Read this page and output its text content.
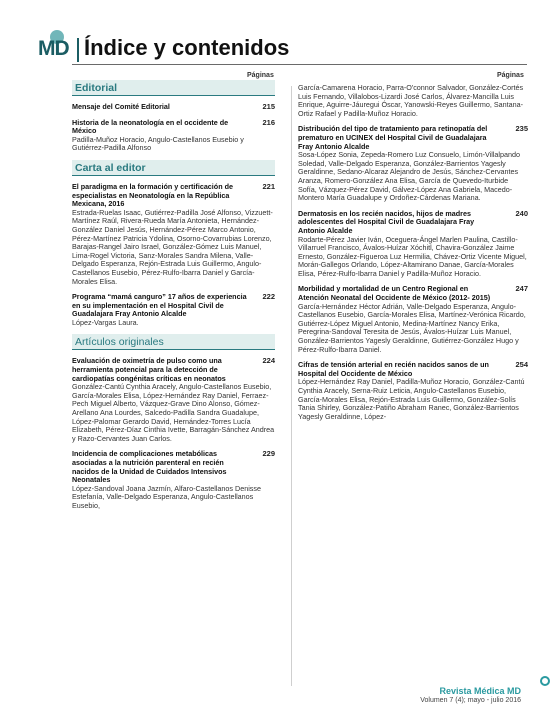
MD Índice y contenidos
Páginas	Páginas
Editorial
Mensaje del Comité Editorial	215
Historia de la neonatología en el occidente de México
Padilla-Muñoz Horacio, Angulo-Castellanos Eusebio y Gutiérrez-Padilla Alfonso
216
Carta al editor
El paradigma en la formación y certificación de especialistas en Neonatología en la República Mexicana, 2016
Estrada-Ruelas Isaac, Gutiérrez-Padilla José Alfonso, Vizzuett-Martínez Raúl, Rivera-Rueda María Antonieta, Hernández-González Daniel Jesús, Hernández-Pérez Marco Antonio, Pérez-Martínez Patricia Ydolina, Osorno-Covarrubias Lorenzo, Barajas-Rangel Jairo Israel, González-Gómez Luis Manuel, Lima-Rogel Victoria, Sanz-Morales Sandra Milena, Valle-Delgado Esperanza, Rejón-Estrada Luis Guillermo, Angulo-Castellanos Eusebio, Pérez-Rulfo-Ibarra Daniel y García-Morales Elisa.
221
Programa “mamá canguro” 17 años de experiencia en su implementación en el Hospital Civil de Guadalajara Fray Antonio Alcalde
López-Vargas Laura.
222
Artículos originales
Evaluación de oximetría de pulso como una herramienta potencial para la detección de cardiopatías congénitas críticas en neonatos
González-Cantú Cynthia Aracely, Angulo-Castellanos Eusebio, García-Morales Elisa, López-Hernández Ray Daniel, Ferraez-Pech Miguel Alberto, Vázquez-Grave Dino Alonso, Gómez-Arellano Ana Lourdes, Salcedo-Padilla Sandra Guadalupe, López-Palomar Gerardo David, Hernández-Torres Lucía Elizabeth, Pérez-Díaz Cinthia Ivette, Barragán-Sánchez Andrea y Razo-Cervantes Juan Carlos.
224
Incidencia de complicaciones metabólicas asociadas a la nutrición parenteral en recién nacidos de la Unidad de Cuidados Intensivos Neonatales
López-Sandoval Joana Jazmín, Alfaro-Castellanos Denisse Estefanía, Valle-Delgado Esperanza, Angulo-Castellanos Eusebio,
229
García-Camarena Horacio, Parra-O'connor Salvador, González-Cortés Luis Fernando, Villalobos-Lizardi José Carlos, Álvarez-Mancilla Luis Enrique, Aguirre-Jáuregui Óscar, Yanowski-Reyes Guillermo, Santana-Ortiz Rafael y Padilla-Muñoz Horacio.
Distribución del tipo de tratamiento para retinopatía del prematuro en UCINEX del Hospital Civil de Guadalajara Fray Antonio Alcalde
Sosa-López Sonia, Zepeda-Romero Luz Consuelo, Limón-Villalpando Soledad, Valle-Delgado Esperanza, González-Barrientos Yagesly Geraldinne, Sedano-Alcaraz Alejandro de Jesús, Sánchez-Cervantes Aranza, Romero-González Ana Elisa, García de Quevedo-Iturbide Sofía, Vázquez-Pérez David, Gálvez-López Ana Gabriela, Macedo-Montero María Guadalupe y Ordoñez-Cárdenas Mariana.
235
Dermatosis en los recién nacidos, hijos de madres adolescentes del Hospital Civil de Guadalajara Fray Antonio Alcalde
Rodarte-Pérez Javier Iván, Oceguera-Ángel Marlen Paulina, Castillo-Villarruel Francisco, Ávalos-Huízar Xóchitl, Chavira-González Jaime Ernesto, González-Figueroa Luz Hermilia, Chávez-Ortiz Vicente Miguel, Morán-Gallegos Orlando, López-Altamirano Danae, García-Morales Elisa, Pérez-Rulfo-Ibarra Daniel y Padilla-Muñoz Horacio.
240
Morbilidad y mortalidad de un Centro Regional en Atención Neonatal del Occidente de México (2012- 2015)
García-Hernández Héctor Adrián, Valle-Delgado Esperanza, Angulo-Castellanos Eusebio, García-Morales Elisa, Martínez-Verónica Ricardo, Gutiérrez-López Miguel Antonio, Medina-Martínez Nancy Erika, Peregrina-Sandoval Teresita de Jesús, Ávalos-Huízar Luis Manuel, González-Barrientos Yagesly Geraldinne, Gutiérrez-González Hugo y Pérez-Rulfo-Ibarra Daniel.
247
Cifras de tensión arterial en recién nacidos sanos de un Hospital del Occidente de México
López-Hernández Ray Daniel, Padilla-Muñoz Horacio, González-Cantú Cynthia Aracely, Serna-Ruiz Leticia, Angulo-Castellanos Eusebio, García-Morales Elisa, Rejón-Estrada Luis Guillermo, González-Solís Tania Shirley, González-Patiño Abraham Ranec, González-Barrientos Yagesly Geraldinne, López-
254
Revista Médica MD
Volumen 7 (4); mayo - julio 2016
